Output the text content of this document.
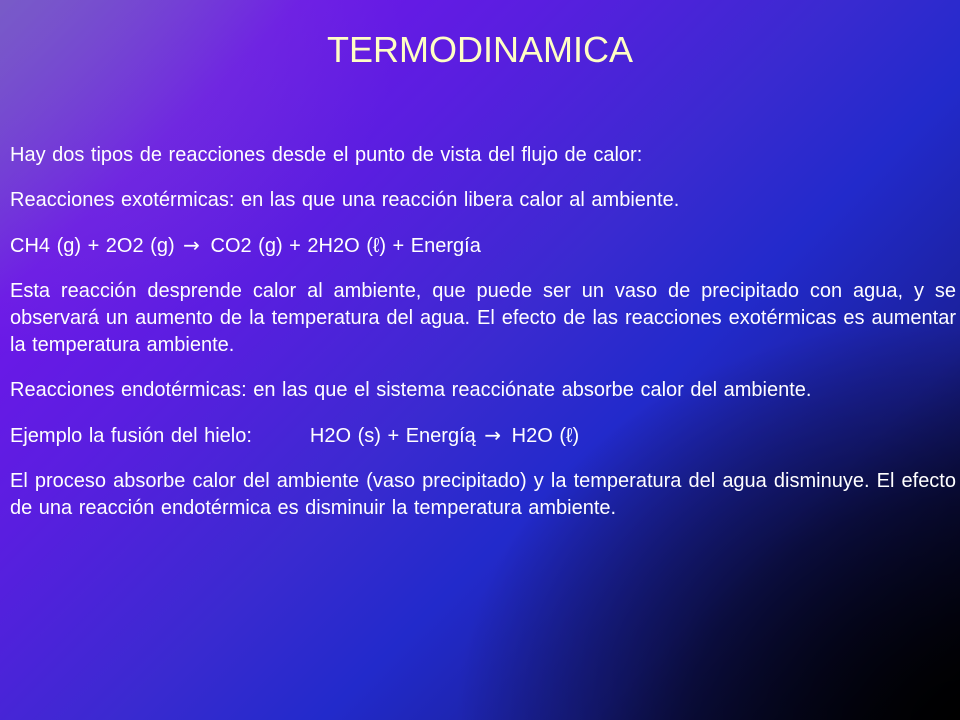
TERMODINAMICA

Hay dos tipos de reacciones desde el punto de vista del flujo de calor:

Reacciones exotérmicas: en las que una reacción libera calor al ambiente.

CH4 (g) + 2O2 (g) → CO2 (g) + 2H2O (ℓ) + Energía

Esta reacción desprende calor al ambiente, que puede ser un vaso de precipitado con agua, y se observará un aumento de la temperatura del agua. El efecto de las reacciones exotérmicas es aumentar la temperatura ambiente.

Reacciones endotérmicas: en las que el sistema reacciónate absorbe calor del ambiente.

Ejemplo la fusión del hielo:	H2O (s) + Energíą → H2O (ℓ)

El proceso absorbe calor del ambiente (vaso precipitado) y la temperatura del agua disminuye. El efecto de una reacción endotérmica es disminuir la temperatura ambiente.
